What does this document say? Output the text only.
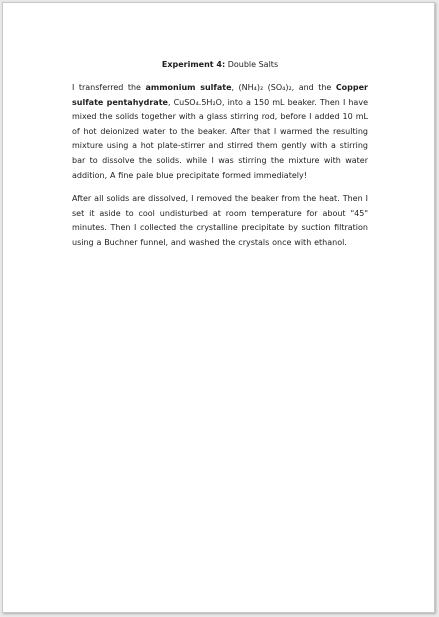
Experiment 4: Double Salts

I transferred the ammonium sulfate, (NH₄)₂ (SO₄)₂, and the Copper sulfate pentahydrate, CuSO₄.5H₂O, into a 150 mL beaker. Then I have mixed the solids together with a glass stirring rod, before I added 10 mL of hot deionized water to the beaker. After that I warmed the resulting mixture using a hot plate-stirrer and stirred them gently with a stirring bar to dissolve the solids. while I was stirring the mixture with water addition, A fine pale blue precipitate formed immediately!

After all solids are dissolved, I removed the beaker from the heat. Then I set it aside to cool undisturbed at room temperature for about "45" minutes. Then I collected the crystalline precipitate by suction filtration using a Buchner funnel, and washed the crystals once with ethanol.
